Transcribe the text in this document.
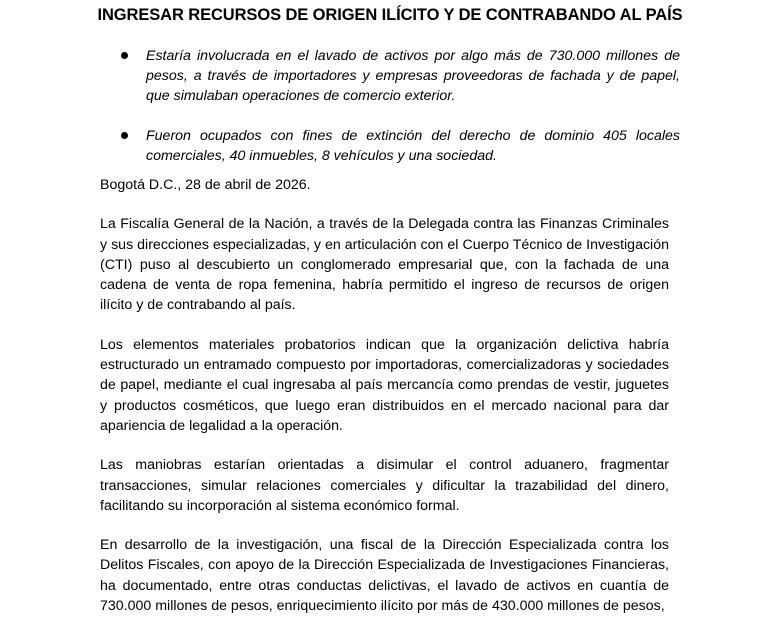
INGRESAR RECURSOS DE ORIGEN ILÍCITO Y DE CONTRABANDO AL PAÍS
Estaría involucrada en el lavado de activos por algo más de 730.000 millones de pesos, a través de importadores y empresas proveedoras de fachada y de papel, que simulaban operaciones de comercio exterior.
Fueron ocupados con fines de extinción del derecho de dominio 405 locales comerciales, 40 inmuebles, 8 vehículos y una sociedad.

Bogotá D.C., 28 de abril de 2026.

La Fiscalía General de la Nación, a través de la Delegada contra las Finanzas Criminales y sus direcciones especializadas, y en articulación con el Cuerpo Técnico de Investigación (CTI) puso al descubierto un conglomerado empresarial que, con la fachada de una cadena de venta de ropa femenina, habría permitido el ingreso de recursos de origen ilícito y de contrabando al país.

Los elementos materiales probatorios indican que la organización delictiva habría estructurado un entramado compuesto por importadoras, comercializadoras y sociedades de papel, mediante el cual ingresaba al país mercancía como prendas de vestir, juguetes y productos cosméticos, que luego eran distribuidos en el mercado nacional para dar apariencia de legalidad a la operación.

Las maniobras estarían orientadas a disimular el control aduanero, fragmentar transacciones, simular relaciones comerciales y dificultar la trazabilidad del dinero, facilitando su incorporación al sistema económico formal.

En desarrollo de la investigación, una fiscal de la Dirección Especializada contra los Delitos Fiscales, con apoyo de la Dirección Especializada de Investigaciones Financieras, ha documentado, entre otras conductas delictivas, el lavado de activos en cuantía de 730.000 millones de pesos, enriquecimiento ilícito por más de 430.000 millones de pesos,
